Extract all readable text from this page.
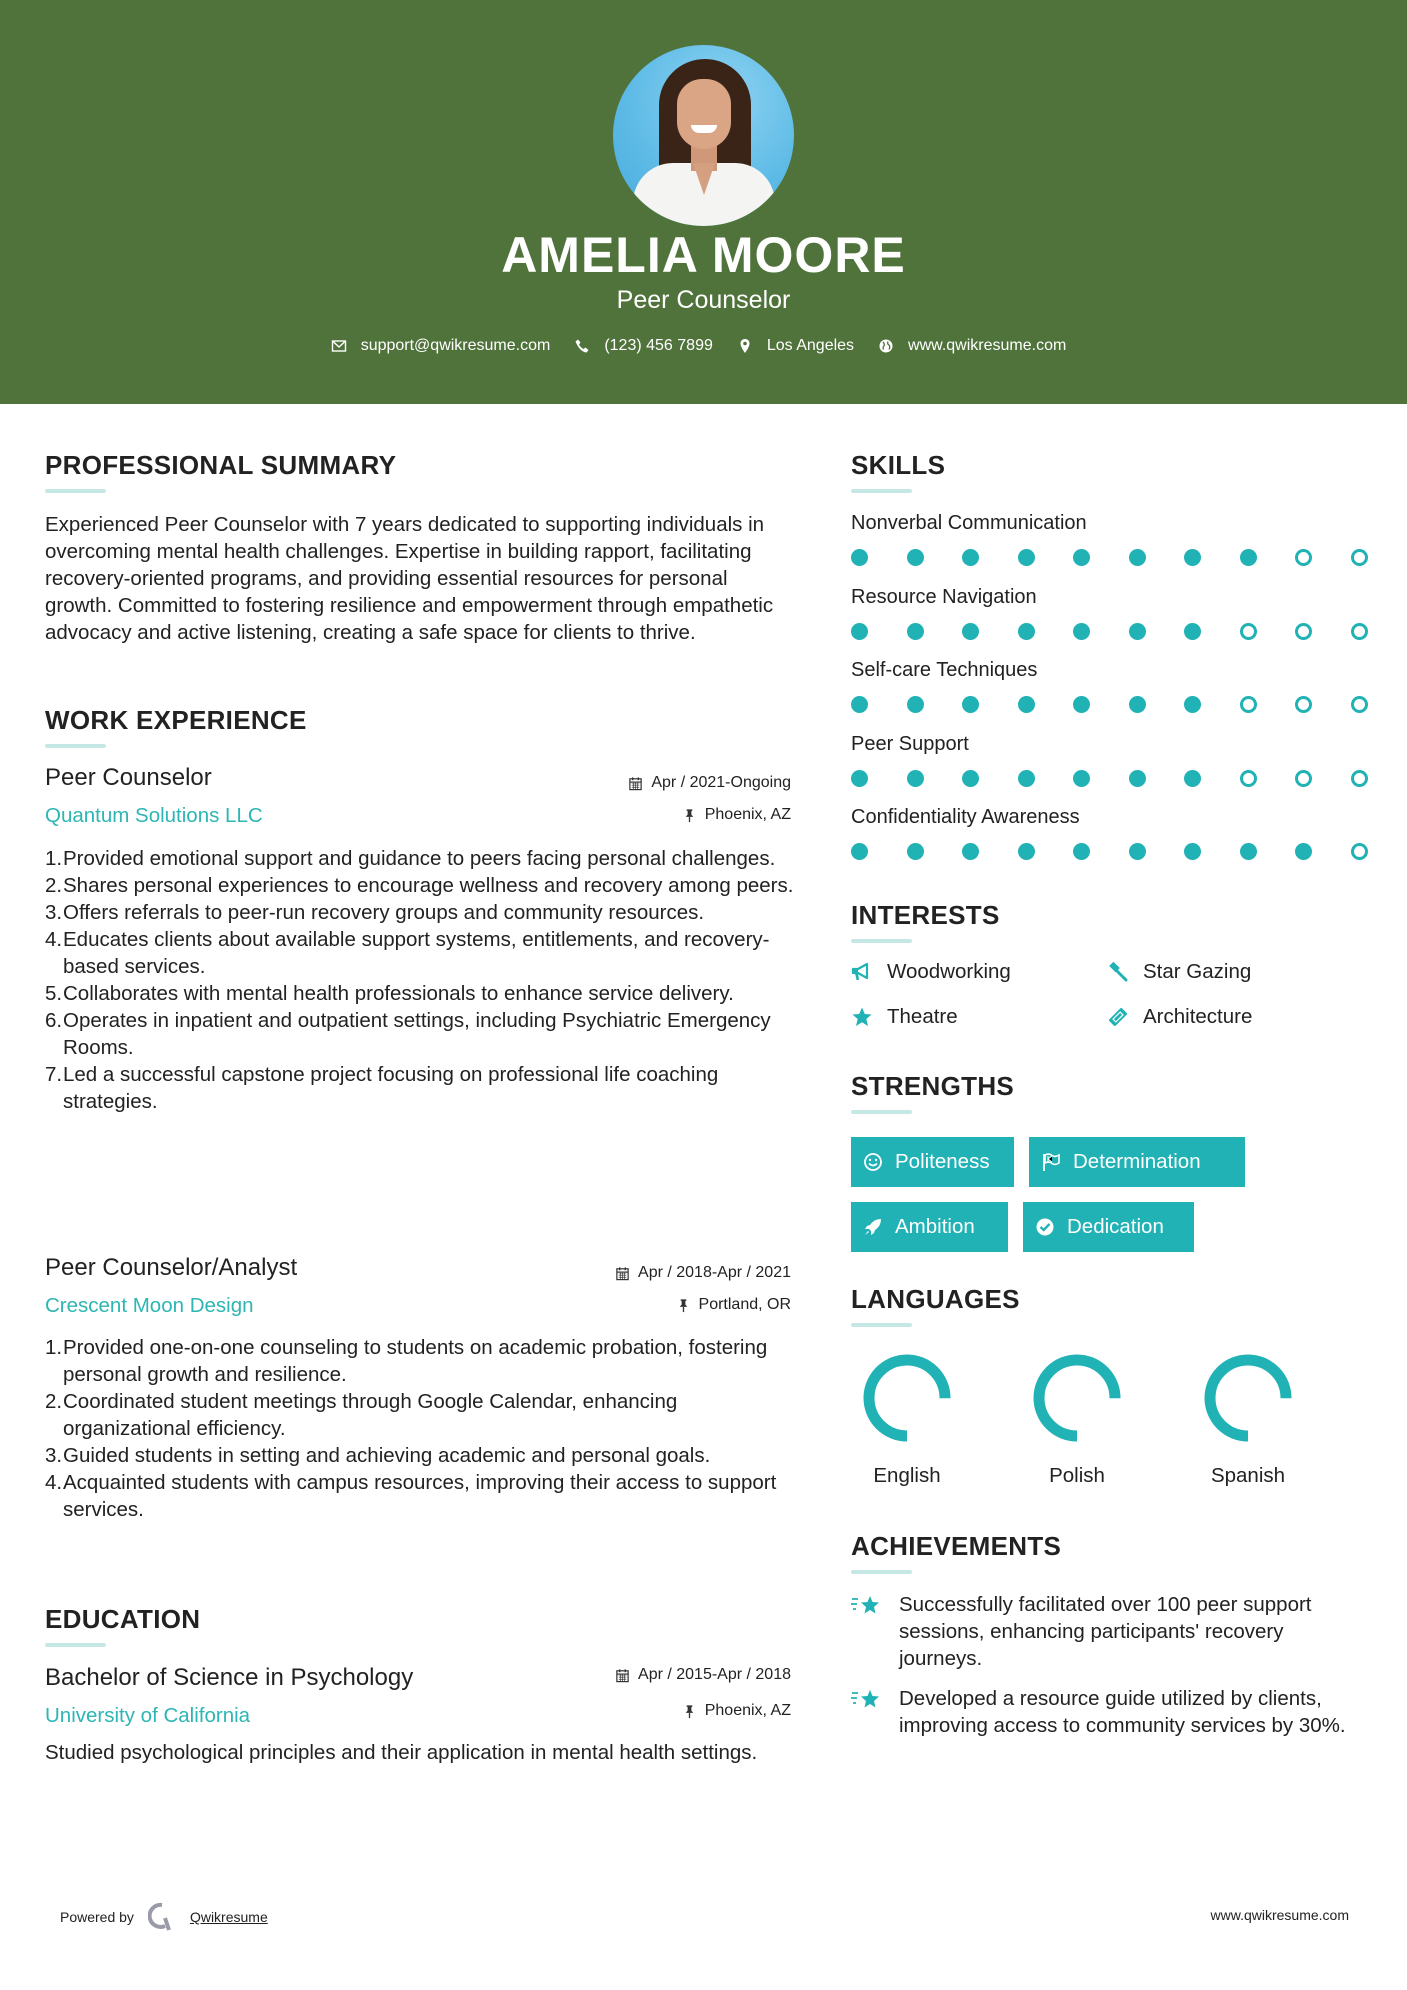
AMELIA MOORE
Peer Counselor
support@qwikresume.com	(123) 456 7899	Los Angeles	www.qwikresume.com
PROFESSIONAL SUMMARY
Experienced Peer Counselor with 7 years dedicated to supporting individuals in overcoming mental health challenges. Expertise in building rapport, facilitating recovery-oriented programs, and providing essential resources for personal growth. Committed to fostering resilience and empowerment through empathetic advocacy and active listening, creating a safe space for clients to thrive.
WORK EXPERIENCE
Peer Counselor
Quantum Solutions LLC
Apr / 2021-Ongoing
Phoenix, AZ
1. Provided emotional support and guidance to peers facing personal challenges.
2. Shares personal experiences to encourage wellness and recovery among peers.
3. Offers referrals to peer-run recovery groups and community resources.
4. Educates clients about available support systems, entitlements, and recovery-based services.
5. Collaborates with mental health professionals to enhance service delivery.
6. Operates in inpatient and outpatient settings, including Psychiatric Emergency Rooms.
7. Led a successful capstone project focusing on professional life coaching strategies.
Peer Counselor/Analyst
Crescent Moon Design
Apr / 2018-Apr / 2021
Portland, OR
1. Provided one-on-one counseling to students on academic probation, fostering personal growth and resilience.
2. Coordinated student meetings through Google Calendar, enhancing organizational efficiency.
3. Guided students in setting and achieving academic and personal goals.
4. Acquainted students with campus resources, improving their access to support services.
EDUCATION
Bachelor of Science in Psychology
University of California
Apr / 2015-Apr / 2018
Phoenix, AZ
Studied psychological principles and their application in mental health settings.
SKILLS
Nonverbal Communication
Resource Navigation
Self-care Techniques
Peer Support
Confidentiality Awareness
INTERESTS
Woodworking	Star Gazing
Theatre	Architecture
STRENGTHS
Politeness	Determination
Ambition	Dedication
LANGUAGES
English	Polish	Spanish
ACHIEVEMENTS
Successfully facilitated over 100 peer support sessions, enhancing participants' recovery journeys.
Developed a resource guide utilized by clients, improving access to community services by 30%.
Powered by	Qwikresume	www.qwikresume.com
